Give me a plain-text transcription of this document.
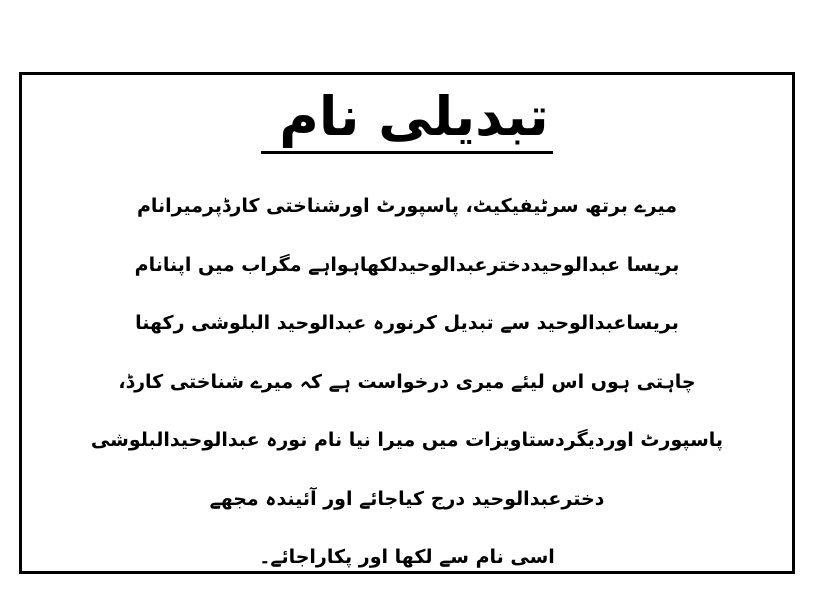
تبدیلی نام
میرے برتھ سرٹیفیکیٹ، پاسپورٹ اورشناختی کارڈپرمیرانام
بریسا عبدالوحیددخترعبدالوحیدلکھاہواہے مگراب میں اپنانام
بریساعبدالوحید سے تبدیل کرنورہ عبدالوحید البلوشی رکھنا
چاہتی ہوں اس لیئے میری درخواست ہے کہ میرے شناختی کارڈ،
پاسپورٹ اوردیگردستاویزات میں میرا نیا نام نورہ عبدالوحیدالبلوشی
دخترعبدالوحید درج کیاجائے اور آئیندہ مجھے
اسی نام سے لکھا اور پکاراجائے۔
